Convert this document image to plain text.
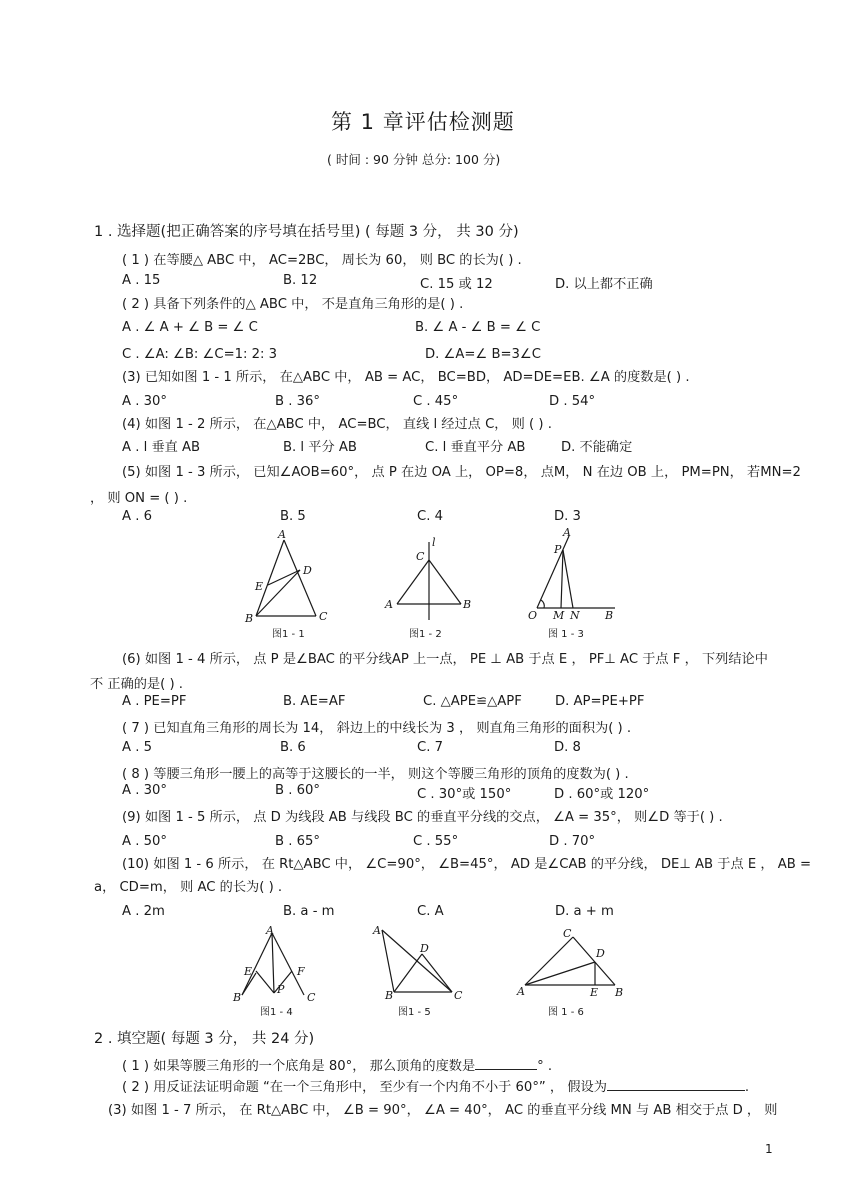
第 1 章评估检测题
( 时间 : 90 分钟 总分: 100 分)
1 . 选择题(把正确答案的序号填在括号里) ( 每题 3 分， 共 30 分)
( 1 ) 在等腰△ ABC 中， AC=2BC， 周长为 60， 则 BC 的长为( ) .
A . 15	B. 12	C. 15 或 12	D. 以上都不正确
( 2 ) 具备下列条件的△ ABC 中， 不是直角三角形的是( ) .
A . ∠ A + ∠ B = ∠ C	B. ∠ A - ∠ B = ∠ C
C . ∠A: ∠B: ∠C=1: 2: 3	D. ∠A=∠ B=3∠C
(3) 已知如图 1 - 1 所示， 在△ABC 中， AB = AC， BC=BD， AD=DE=EB. ∠A 的度数是( ) .
A . 30°	B . 36°	C . 45°	D . 54°
(4) 如图 1 - 2 所示， 在△ABC 中， AC=BC， 直线 l 经过点 C， 则 ( ) .
A . l 垂直 AB	B. l 平分 AB	C. l 垂直平分 AB	D. 不能确定
(5) 如图 1 - 3 所示， 已知∠AOB=60°， 点 P 在边 OA 上， OP=8， 点M， N 在边 OB 上， PM=PN， 若MN=2
， 则 ON = ( ) .
A . 6	B. 5	C. 4	D. 3
A
D
E
B	C
图1 - 1
C
l
A	B
图1 - 2
A
P
O M N B
图 1 - 3
(6) 如图 1 - 4 所示， 点 P 是∠BAC 的平分线AP 上一点， PE ⊥ AB 于点 E ， PF⊥ AC 于点 F ， 下列结论中
不 正确的是( ) .
A . PE=PF	B. AE=AF	C. △APE≌△APF	D. AP=PE+PF
( 7 ) 已知直角三角形的周长为 14， 斜边上的中线长为 3 ， 则直角三角形的面积为( ) .
A . 5	B. 6	C. 7	D. 8
( 8 ) 等腰三角形一腰上的高等于这腰长的一半， 则这个等腰三角形的顶角的度数为( ) .
A . 30°	B . 60°	C . 30°或 150°	D . 60°或 120°
(9) 如图 1 - 5 所示， 点 D 为线段 AB 与线段 BC 的垂直平分线的交点， ∠A = 35°， 则∠D 等于( ) .
A . 50°	B . 65°	C . 55°	D . 70°
(10) 如图 1 - 6 所示， 在 Rt△ABC 中， ∠C=90°， ∠B=45°， AD 是∠CAB 的平分线， DE⊥ AB 于点 E ， AB =
a， CD=m， 则 AC 的长为( ) .
A . 2m	B. a - m	C. A	D. a + m
A
E	F
B
P
C
图1 - 4
A
D
B	C
图1 - 5
C
D
A	E B
图 1 - 6
2 . 填空题( 每题 3 分， 共 24 分)
( 1 ) 如果等腰三角形的一个底角是 80°， 那么顶角的度数是	° .
( 2 ) 用反证法证明命题 “在一个三角形中， 至少有一个内角不小于 60°” ， 假设为	.
(3) 如图 1 - 7 所示， 在 Rt△ABC 中， ∠B = 90°， ∠A = 40°， AC 的垂直平分线 MN 与 AB 相交于点 D ， 则
1
